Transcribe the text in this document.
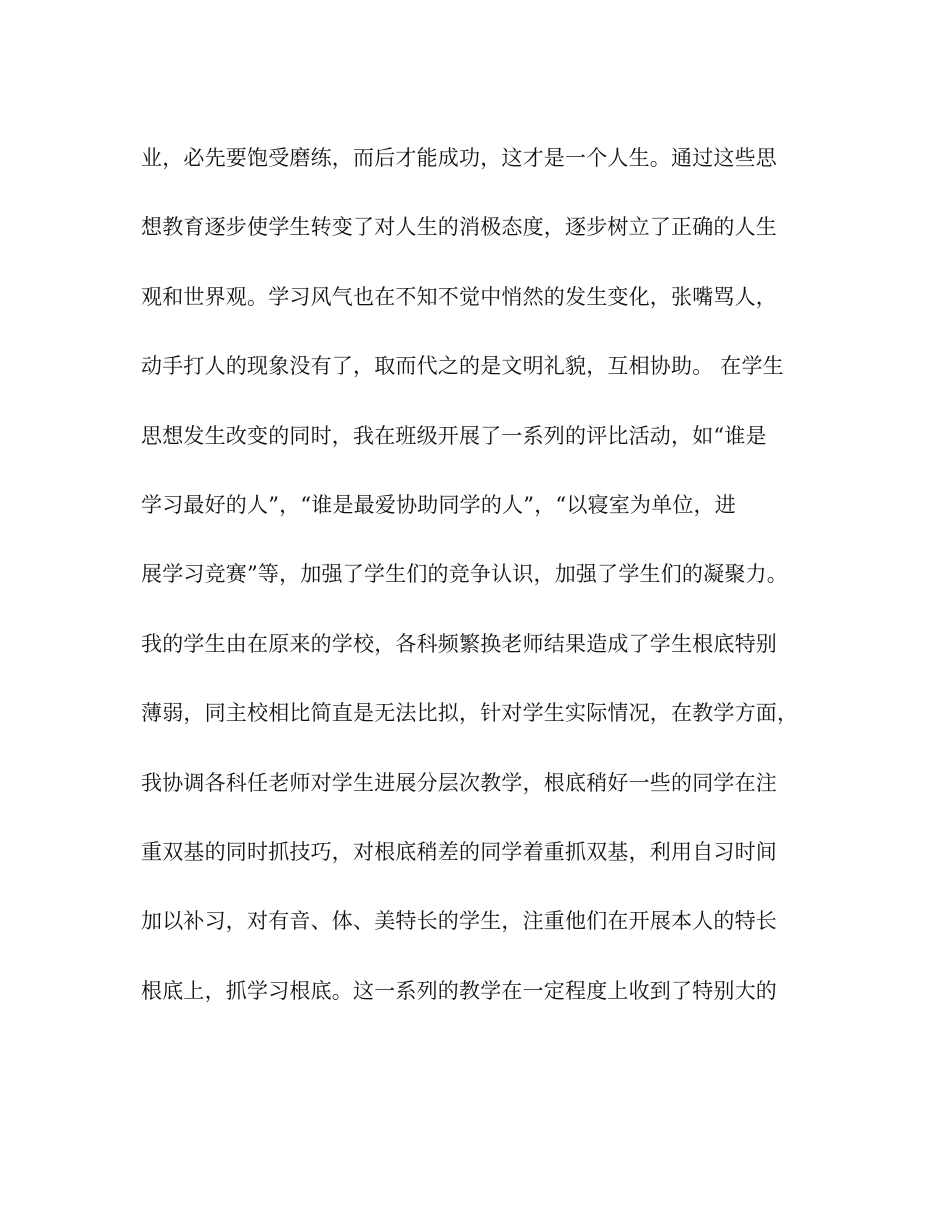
业，必先要饱受磨练，而后才能成功，这才是一个人生。通过这些思
想教育逐步使学生转变了对人生的消极态度，逐步树立了正确的人生
观和世界观。学习风气也在不知不觉中悄然的发生变化，张嘴骂人，
动手打人的现象没有了，取而代之的是文明礼貌，互相协助。 在学生
思想发生改变的同时，我在班级开展了一系列的评比活动，如“谁是
学习最好的人”，“谁是最爱协助同学的人”，“以寝室为单位，进
展学习竞赛”等，加强了学生们的竞争认识，加强了学生们的凝聚力。
我的学生由在原来的学校，各科频繁换老师结果造成了学生根底特别
薄弱，同主校相比简直是无法比拟，针对学生实际情况，在教学方面，
我协调各科任老师对学生进展分层次教学，根底稍好一些的同学在注
重双基的同时抓技巧，对根底稍差的同学着重抓双基，利用自习时间
加以补习，对有音、体、美特长的学生，注重他们在开展本人的特长
根底上，抓学习根底。这一系列的教学在一定程度上收到了特别大的
